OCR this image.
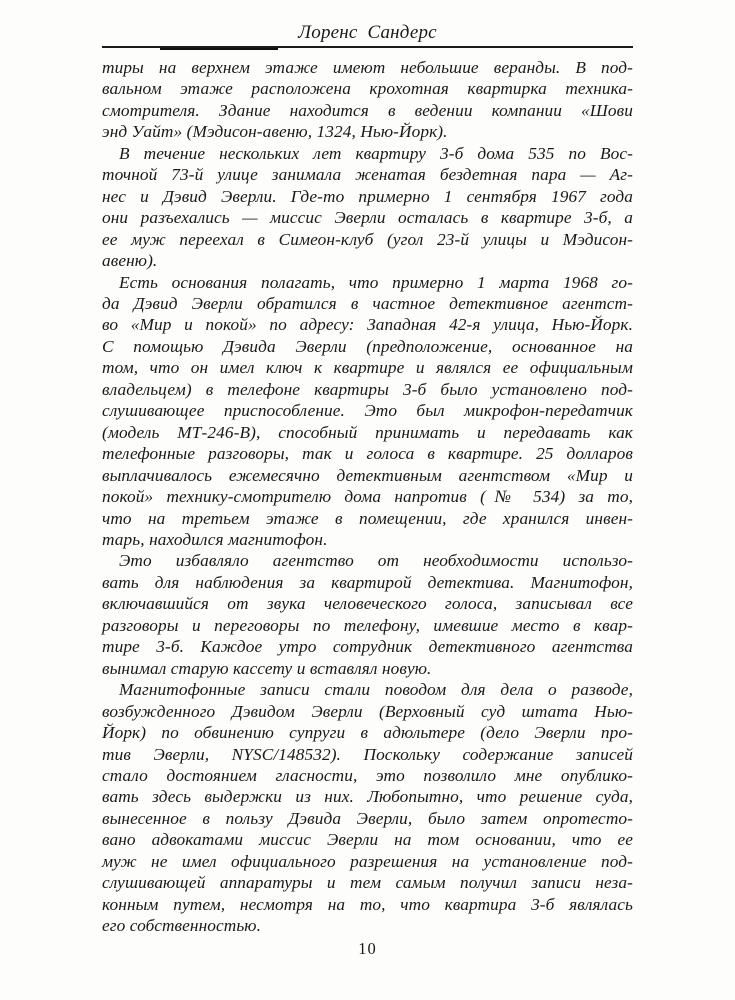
Лоренс Сандерс
тиры на верхнем этаже имеют небольшие веранды. В под-
вальном этаже расположена крохотная квартирка техника-
смотрителя. Здание находится в ведении компании «Шови
энд Уайт» (Мэдисон-авеню, 1324, Нью-Йорк).
В течение нескольких лет квартиру 3-б дома 535 по Вос-
точной 73-й улице занимала женатая бездетная пара — Аг-
нес и Дэвид Эверли. Где-то примерно 1 сентября 1967 года
они разъехались — миссис Эверли осталась в квартире 3-б, а
ее муж переехал в Симеон-клуб (угол 23-й улицы и Мэдисон-
авеню).
Есть основания полагать, что примерно 1 марта 1968 го-
да Дэвид Эверли обратился в частное детективное агентст-
во «Мир и покой» по адресу: Западная 42-я улица, Нью-Йорк.
С помощью Дэвида Эверли (предположение, основанное на
том, что он имел ключ к квартире и являлся ее официальным
владельцем) в телефоне квартиры 3-б было установлено под-
слушивающее приспособление. Это был микрофон-передатчик
(модель МТ-246-В), способный принимать и передавать как
телефонные разговоры, так и голоса в квартире. 25 долларов
выплачивалось ежемесячно детективным агентством «Мир и
покой» технику-смотрителю дома напротив (№ 534) за то,
что на третьем этаже в помещении, где хранился инвен-
тарь, находился магнитофон.
Это избавляло агентство от необходимости использо-
вать для наблюдения за квартирой детектива. Магнитофон,
включавшийся от звука человеческого голоса, записывал все
разговоры и переговоры по телефону, имевшие место в квар-
тире 3-б. Каждое утро сотрудник детективного агентства
вынимал старую кассету и вставлял новую.
Магнитофонные записи стали поводом для дела о разводе,
возбужденного Дэвидом Эверли (Верховный суд штата Нью-
Йорк) по обвинению супруги в адюльтере (дело Эверли про-
тив Эверли, NYSC/148532). Поскольку содержание записей
стало достоянием гласности, это позволило мне опублико-
вать здесь выдержки из них. Любопытно, что решение суда,
вынесенное в пользу Дэвида Эверли, было затем опротесто-
вано адвокатами миссис Эверли на том основании, что ее
муж не имел официального разрешения на установление под-
слушивающей аппаратуры и тем самым получил записи неза-
конным путем, несмотря на то, что квартира 3-б являлась
его собственностью.
10
